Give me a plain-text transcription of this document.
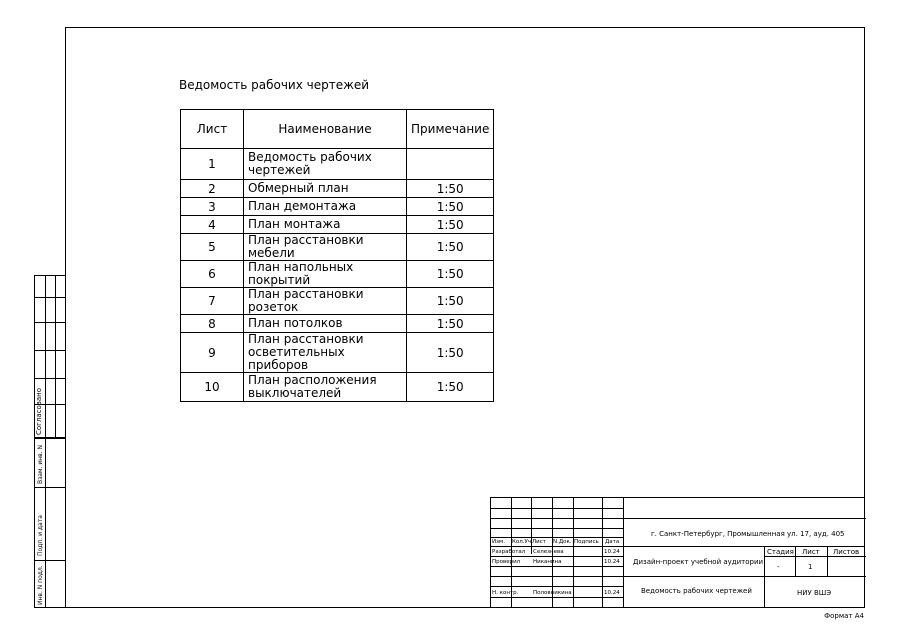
Ведомость рабочих чертежей
Лист	Наименование	Примечание
1	Ведомость рабочих чертежей	
2	Обмерный план	1:50
3	План демонтажа	1:50
4	План монтажа	1:50
5	План расстановки мебели	1:50
6	План напольных покрытий	1:50
7	План расстановки розеток	1:50
8	План потолков	1:50
9	План расстановки осветительных приборов	1:50
10	План расположения выключателей	1:50
Согласовано
Взам. инв. N
Подп. и дата
Инв. N подл.
Изм. Кол.Уч. Лист N.Док. Подпись Дата
Разработал Селезнева	10.24
Проверил Никанина	10.24
Н. контр.	Половникина	10.24
г. Санкт-Петербург, Промышленная ул. 17, ауд. 405
Дизайн-проект учебной аудитории
Ведомость рабочих чертежей
Стадия Лист Листов
-	1
НИУ ВШЭ
Формат А4
